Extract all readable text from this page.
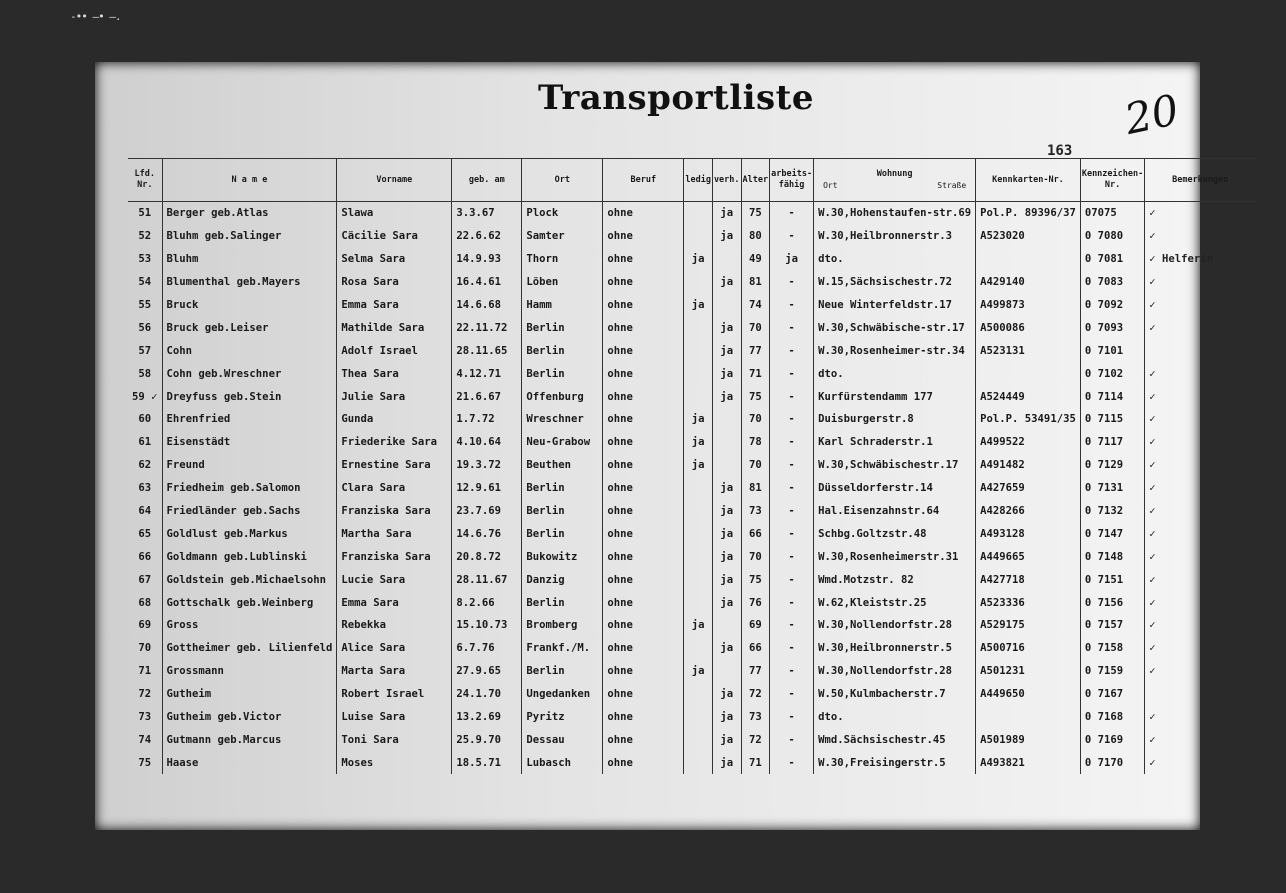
-•• —• —.
Transportliste	20
163
Lfd. Nr.	N a m e	Vorname	geb. am	Ort	Beruf	ledig	verh.	Alter	arbeits-fähig	Wohnung
Ort Straße	Kennkarten-Nr.	Kennzeichen-Nr.	Bemerkungen
51	Berger geb.Atlas	Slawa	3.3.67	Plock	ohne		ja	75	-	W.30,Hohenstaufen-str.69	Pol.P. 89396/37	07075	✓
52	Bluhm geb.Salinger	Cäcilie Sara	22.6.62	Samter	ohne		ja	80	-	W.30,Heilbronnerstr.3	A523020	0 7080	✓
53	Bluhm	Selma Sara	14.9.93	Thorn	ohne	ja		49	ja	dto.		0 7081	✓ Helferin
54	Blumenthal geb.Mayers	Rosa Sara	16.4.61	Löben	ohne		ja	81	-	W.15,Sächsischestr.72	A429140	0 7083	✓
55	Bruck	Emma Sara	14.6.68	Hamm	ohne	ja		74	-	Neue Winterfeldstr.17	A499873	0 7092	✓
56	Bruck geb.Leiser	Mathilde Sara	22.11.72	Berlin	ohne		ja	70	-	W.30,Schwäbische-str.17	A500086	0 7093	✓
57	Cohn	Adolf Israel	28.11.65	Berlin	ohne		ja	77	-	W.30,Rosenheimer-str.34	A523131	0 7101	
58	Cohn geb.Wreschner	Thea Sara	4.12.71	Berlin	ohne		ja	71	-	dto.		0 7102	✓
59 ✓	Dreyfuss geb.Stein	Julie Sara	21.6.67	Offenburg	ohne		ja	75	-	Kurfürstendamm 177	A524449	0 7114	✓
60	Ehrenfried	Gunda	1.7.72	Wreschner	ohne	ja		70	-	Duisburgerstr.8	Pol.P. 53491/35	0 7115	✓
61	Eisenstädt	Friederike Sara	4.10.64	Neu-Grabow	ohne	ja		78	-	Karl Schraderstr.1	A499522	0 7117	✓
62	Freund	Ernestine Sara	19.3.72	Beuthen	ohne	ja		70	-	W.30,Schwäbischestr.17	A491482	0 7129	✓
63	Friedheim geb.Salomon	Clara Sara	12.9.61	Berlin	ohne		ja	81	-	Düsseldorferstr.14	A427659	0 7131	✓
64	Friedländer geb.Sachs	Franziska Sara	23.7.69	Berlin	ohne		ja	73	-	Hal.Eisenzahnstr.64	A428266	0 7132	✓
65	Goldlust geb.Markus	Martha Sara	14.6.76	Berlin	ohne		ja	66	-	Schbg.Goltzstr.48	A493128	0 7147	✓
66	Goldmann geb.Lublinski	Franziska Sara	20.8.72	Bukowitz	ohne		ja	70	-	W.30,Rosenheimerstr.31	A449665	0 7148	✓
67	Goldstein geb.Michaelsohn	Lucie Sara	28.11.67	Danzig	ohne		ja	75	-	Wmd.Motzstr. 82	A427718	0 7151	✓
68	Gottschalk geb.Weinberg	Emma Sara	8.2.66	Berlin	ohne		ja	76	-	W.62,Kleiststr.25	A523336	0 7156	✓
69	Gross	Rebekka	15.10.73	Bromberg	ohne	ja		69	-	W.30,Nollendorfstr.28	A529175	0 7157	✓
70	Gottheimer geb. Lilienfeld	Alice Sara	6.7.76	Frankf./M.	ohne		ja	66	-	W.30,Heilbronnerstr.5	A500716	0 7158	✓
71	Grossmann	Marta Sara	27.9.65	Berlin	ohne	ja		77	-	W.30,Nollendorfstr.28	A501231	0 7159	✓
72	Gutheim	Robert Israel	24.1.70	Ungedanken	ohne		ja	72	-	W.50,Kulmbacherstr.7	A449650	0 7167	
73	Gutheim geb.Victor	Luise Sara	13.2.69	Pyritz	ohne		ja	73	-	dto.		0 7168	✓
74	Gutmann geb.Marcus	Toni Sara	25.9.70	Dessau	ohne		ja	72	-	Wmd.Sächsischestr.45	A501989	0 7169	✓
75	Haase	Moses	18.5.71	Lubasch	ohne		ja	71	-	W.30,Freisingerstr.5	A493821	0 7170	✓
